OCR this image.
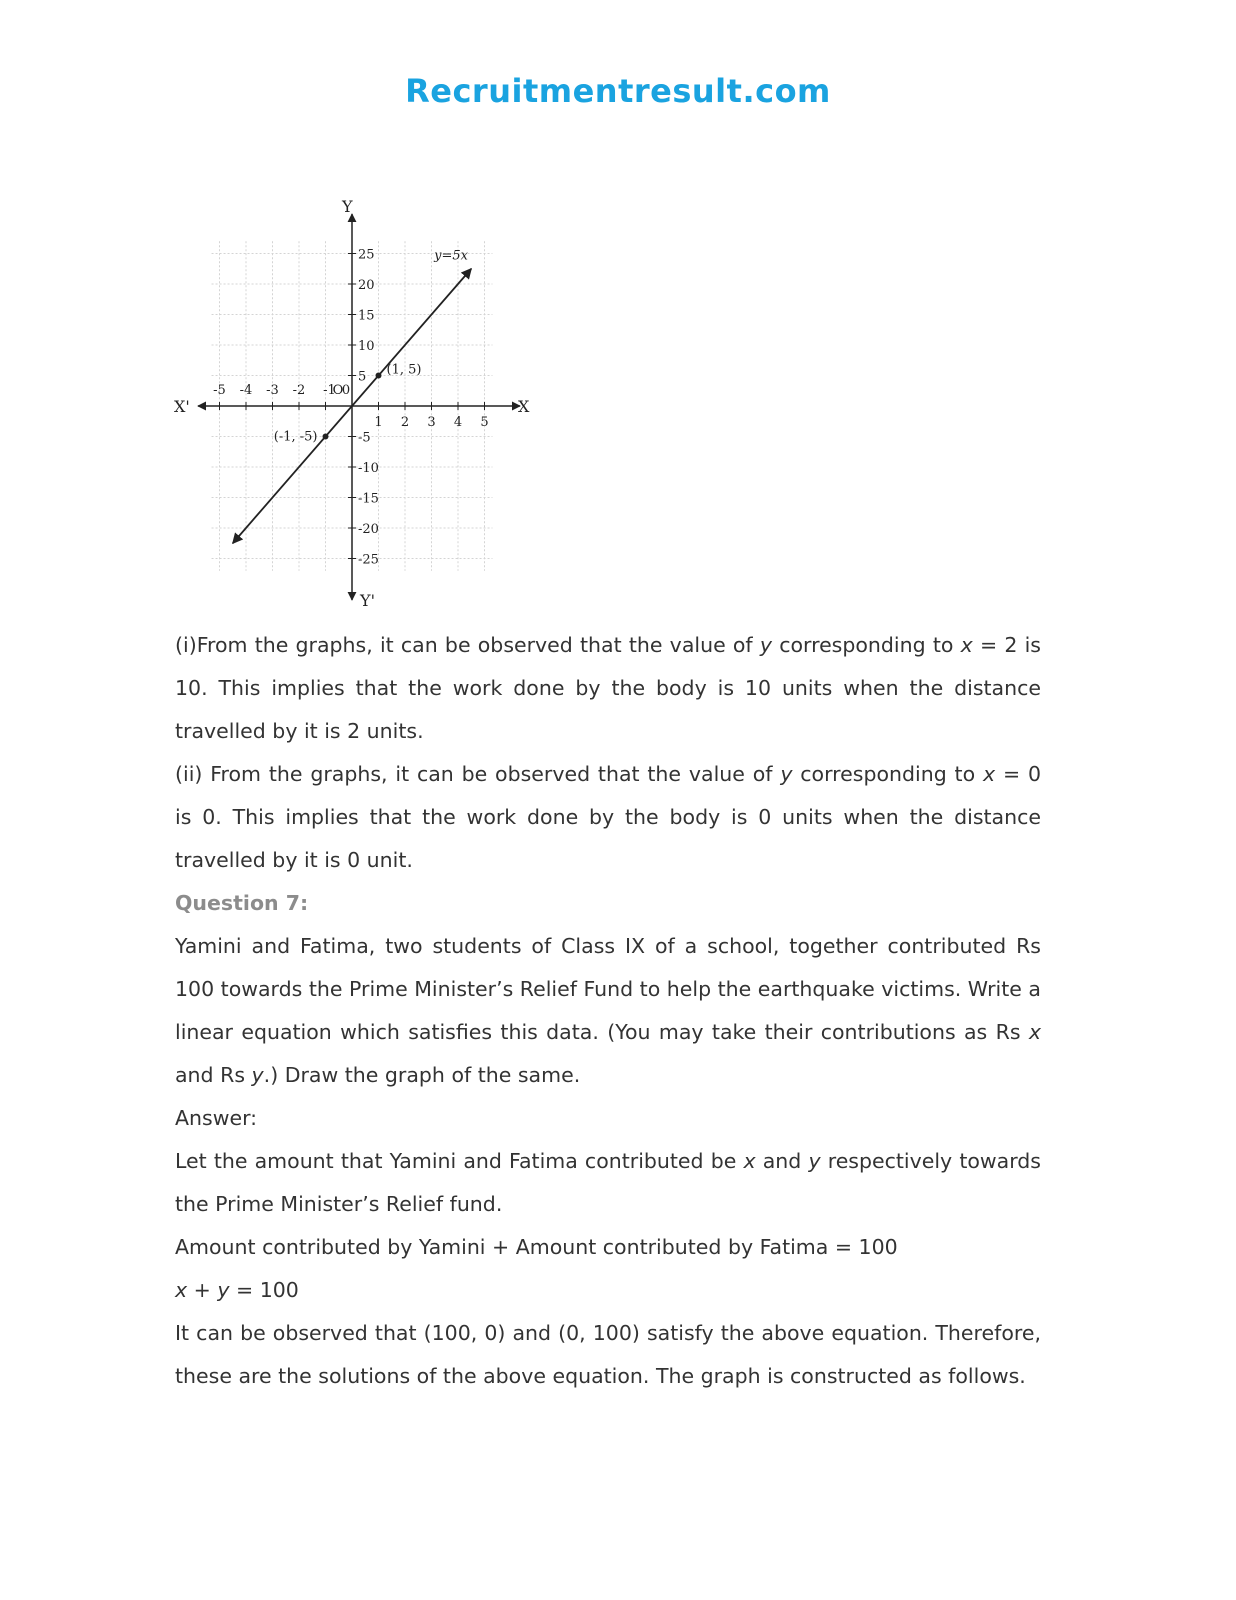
Recruitmentresult.com
-5 -4 -3 -2 -1 0
1 2 3 4 5
25
20
15
10
5
-5
-10
-15
-20
-25
X
X'
Y
Y'
O
y=5x
(1, 5)
(-1, -5)

(i)From the graphs, it can be observed that the value of y corresponding to x = 2 is 10. This implies that the work done by the body is 10 units when the distance travelled by it is 2 units.

(ii) From the graphs, it can be observed that the value of y corresponding to x = 0 is 0. This implies that the work done by the body is 0 units when the distance travelled by it is 0 unit.

Question 7:

Yamini and Fatima, two students of Class IX of a school, together contributed Rs 100 towards the Prime Minister’s Relief Fund to help the earthquake victims. Write a linear equation which satisfies this data. (You may take their contributions as Rs x and Rs y.) Draw the graph of the same.

Answer:

Let the amount that Yamini and Fatima contributed be x and y respectively towards the Prime Minister’s Relief fund.

Amount contributed by Yamini + Amount contributed by Fatima = 100

x + y = 100

It can be observed that (100, 0) and (0, 100) satisfy the above equation. Therefore, these are the solutions of the above equation. The graph is constructed as follows.
